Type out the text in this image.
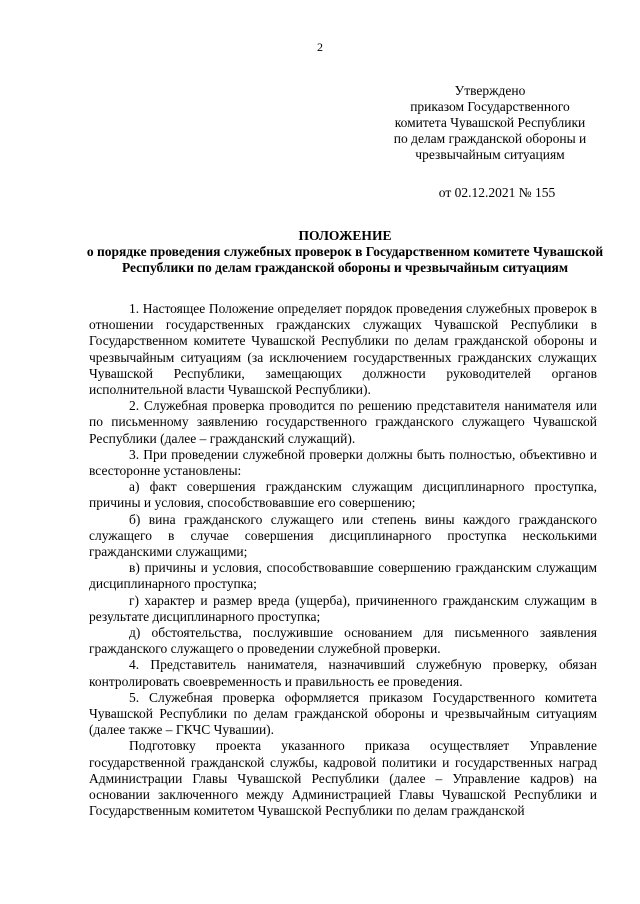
2
Утверждено
приказом Государственного
комитета Чувашской Республики
по делам гражданской обороны и
чрезвычайным ситуациям
от 02.12.2021 № 155
ПОЛОЖЕНИЕ
о порядке проведения служебных проверок в Государственном комитете Чувашской Республики по делам гражданской обороны и чрезвычайным ситуациям

1. Настоящее Положение определяет порядок проведения служебных проверок в отношении государственных гражданских служащих Чувашской Республики в Государственном комитете Чувашской Республики по делам гражданской обороны и чрезвычайным ситуациям (за исключением государственных гражданских служащих Чувашской Республики, замещающих должности руководителей органов исполнительной власти Чувашской Республики).

2. Служебная проверка проводится по решению представителя нанимателя или по письменному заявлению государственного гражданского служащего Чувашской Республики (далее – гражданский служащий).

3. При проведении служебной проверки должны быть полностью, объективно и всесторонне установлены:

а) факт совершения гражданским служащим дисциплинарного проступка, причины и условия, способствовавшие его совершению;

б) вина гражданского служащего или степень вины каждого гражданского служащего в случае совершения дисциплинарного проступка несколькими гражданскими служащими;

в) причины и условия, способствовавшие совершению гражданским служащим дисциплинарного проступка;

г) характер и размер вреда (ущерба), причиненного гражданским служащим в результате дисциплинарного проступка;

д) обстоятельства, послужившие основанием для письменного заявления гражданского служащего о проведении служебной проверки.

4. Представитель нанимателя, назначивший служебную проверку, обязан контролировать своевременность и правильность ее проведения.

5. Служебная проверка оформляется приказом Государственного комитета Чувашской Республики по делам гражданской обороны и чрезвычайным ситуациям (далее также – ГКЧС Чувашии).

Подготовку проекта указанного приказа осуществляет Управление государственной гражданской службы, кадровой политики и государственных наград Администрации Главы Чувашской Республики (далее – Управление кадров) на основании заключенного между Администрацией Главы Чувашской Республики и Государственным комитетом Чувашской Республики по делам гражданской
